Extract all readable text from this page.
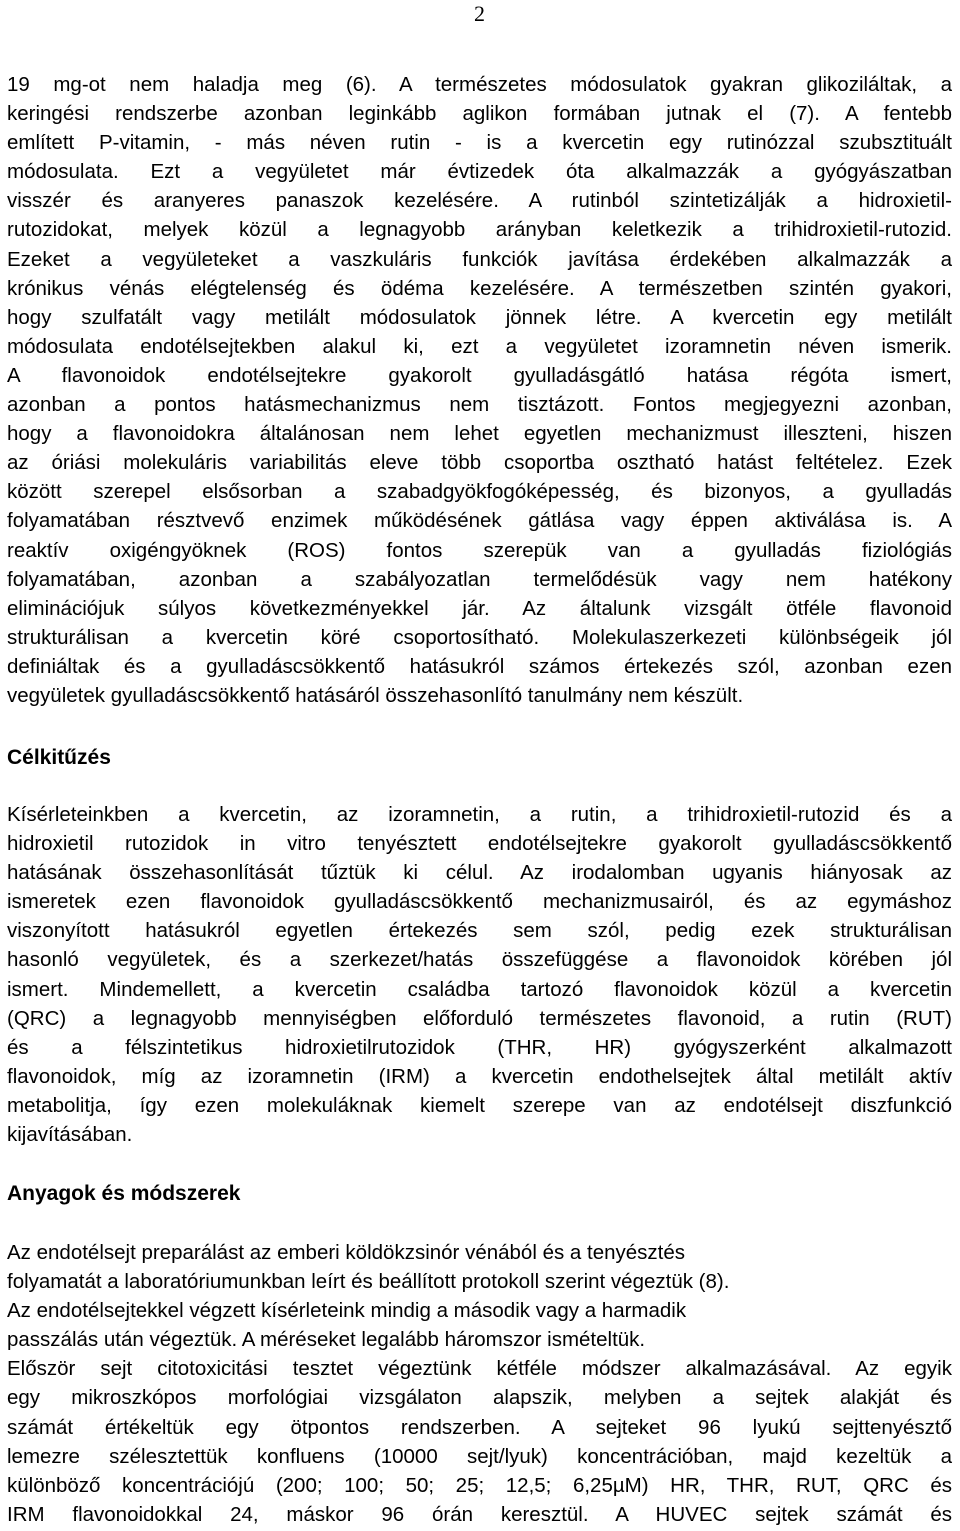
2
19 mg-ot nem haladja meg (6). A természetes módosulatok gyakran glikoziláltak, a
keringési rendszerbe azonban leginkább aglikon formában jutnak el (7). A fentebb
említett P-vitamin, - más néven rutin - is a kvercetin egy rutinózzal szubsztituált
módosulata. Ezt a vegyületet már évtizedek óta alkalmazzák a gyógyászatban
visszér és aranyeres panaszok kezelésére. A rutinból szintetizálják a hidroxietil-
rutozidokat, melyek közül a legnagyobb arányban keletkezik a trihidroxietil-rutozid.
Ezeket a vegyületeket a vaszkuláris funkciók javítása érdekében alkalmazzák a
krónikus vénás elégtelenség és ödéma kezelésére. A természetben szintén gyakori,
hogy szulfatált vagy metilált módosulatok jönnek létre. A kvercetin egy metilált
módosulata endotélsejtekben alakul ki, ezt a vegyületet izoramnetin néven ismerik.
A flavonoidok endotélsejtekre gyakorolt gyulladásgátló hatása régóta ismert,
azonban a pontos hatásmechanizmus nem tisztázott. Fontos megjegyezni azonban,
hogy a flavonoidokra általánosan nem lehet egyetlen mechanizmust illeszteni, hiszen
az óriási molekuláris variabilitás eleve több csoportba osztható hatást feltételez. Ezek
között szerepel elsősorban a szabadgyökfogóképesség, és bizonyos, a gyulladás
folyamatában résztvevő enzimek működésének gátlása vagy éppen aktiválása is. A
reaktív oxigéngyöknek (ROS) fontos szerepük van a gyulladás fiziológiás
folyamatában, azonban a szabályozatlan termelődésük vagy nem hatékony
eliminációjuk súlyos következményekkel jár. Az általunk vizsgált ötféle flavonoid
strukturálisan a kvercetin köré csoportosítható. Molekulaszerkezeti különbségeik jól
definiáltak és a gyulladáscsökkentő hatásukról számos értekezés szól, azonban ezen
vegyületek gyulladáscsökkentő hatásáról összehasonlító tanulmány nem készült.
Célkitűzés
Kísérleteinkben a kvercetin, az izoramnetin, a rutin, a trihidroxietil-rutozid és a
hidroxietil rutozidok in vitro tenyésztett endotélsejtekre gyakorolt gyulladáscsökkentő
hatásának összehasonlítását tűztük ki célul. Az irodalomban ugyanis hiányosak az
ismeretek ezen flavonoidok gyulladáscsökkentő mechanizmusairól, és az egymáshoz
viszonyított hatásukról egyetlen értekezés sem szól, pedig ezek strukturálisan
hasonló vegyületek, és a szerkezet/hatás összefüggése a flavonoidok körében jól
ismert. Mindemellett, a kvercetin családba tartozó flavonoidok közül a kvercetin
(QRC) a legnagyobb mennyiségben előforduló természetes flavonoid, a rutin (RUT)
és a félszintetikus hidroxietilrutozidok (THR, HR) gyógyszerként alkalmazott
flavonoidok, míg az izoramnetin (IRM) a kvercetin endothelsejtek által metilált aktív
metabolitja, így ezen molekuláknak kiemelt szerepe van az endotélsejt diszfunkció
kijavításában.
Anyagok és módszerek
Az endotélsejt preparálást az emberi köldökzsinór vénából és a tenyésztés
folyamatát a laboratóriumunkban leírt és beállított protokoll szerint végeztük (8).
Az endotélsejtekkel végzett kísérleteink mindig a második vagy a harmadik
passzálás után végeztük. A méréseket legalább háromszor ismételtük.
Először sejt citotoxicitási tesztet végeztünk kétféle módszer alkalmazásával. Az egyik
egy mikroszkópos morfológiai vizsgálaton alapszik, melyben a sejtek alakját és
számát értékeltük egy ötpontos rendszerben. A sejteket 96 lyukú sejttenyésztő
lemezre szélesztettük konfluens (10000 sejt/lyuk) koncentrációban, majd kezeltük a
különböző koncentrációjú (200; 100; 50; 25; 12,5; 6,25µM) HR, THR, RUT, QRC és
IRM flavonoidokkal 24, máskor 96 órán keresztül. A HUVEC sejtek számát és
